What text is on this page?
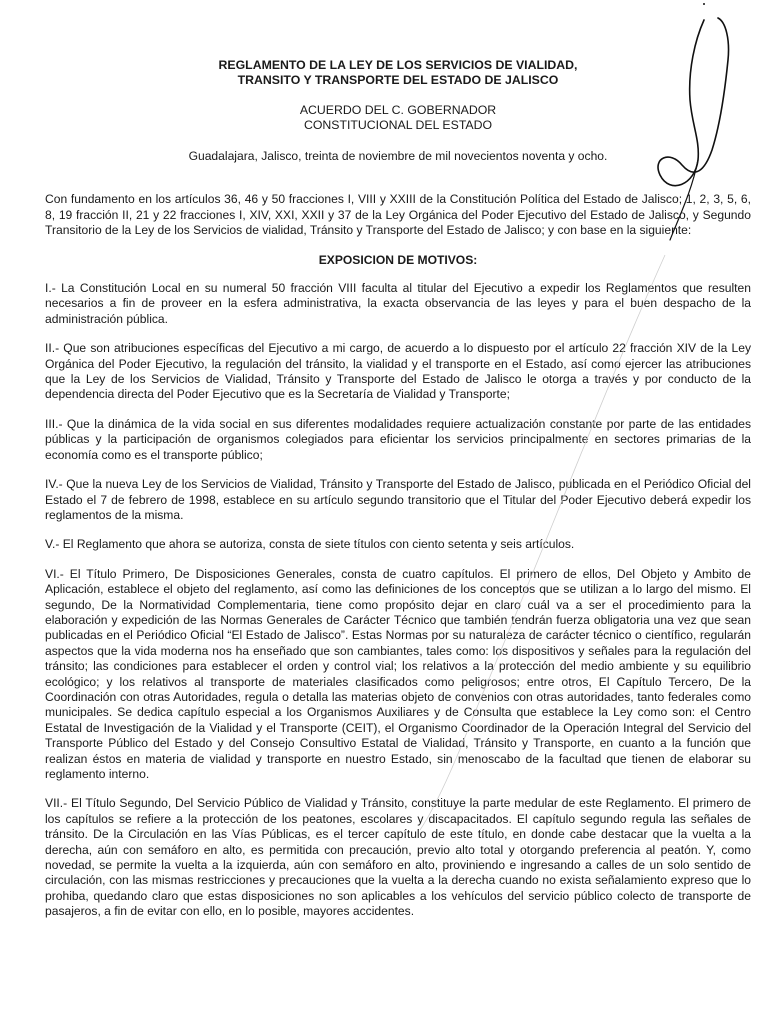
REGLAMENTO DE LA LEY DE LOS SERVICIOS DE VIALIDAD,
TRANSITO Y TRANSPORTE DEL ESTADO DE JALISCO

ACUERDO DEL C. GOBERNADOR
CONSTITUCIONAL DEL ESTADO

Guadalajara, Jalisco, treinta de noviembre de mil novecientos noventa y ocho.

Con fundamento en los artículos 36, 46 y 50 fracciones I, VIII y XXIII de la Constitución Política del Estado de Jalisco; 1, 2, 3, 5, 6, 8, 19 fracción II, 21 y 22 fracciones I, XIV, XXI, XXII y 37 de la Ley Orgánica del Poder Ejecutivo del Estado de Jalisco, y Segundo Transitorio de la Ley de los Servicios de vialidad, Tránsito y Transporte del Estado de Jalisco; y con base en la siguiente:

EXPOSICION DE MOTIVOS:

I.- La Constitución Local en su numeral 50 fracción VIII faculta al titular del Ejecutivo a expedir los Reglamentos que resulten necesarios a fin de proveer en la esfera administrativa, la exacta observancia de las leyes y para el buen despacho de la administración pública.

II.- Que son atribuciones específicas del Ejecutivo a mi cargo, de acuerdo a lo dispuesto por el artículo 22 fracción XIV de la Ley Orgánica del Poder Ejecutivo, la regulación del tránsito, la vialidad y el transporte en el Estado, así como ejercer las atribuciones que la Ley de los Servicios de Vialidad, Tránsito y Transporte del Estado de Jalisco le otorga a través y por conducto de la dependencia directa del Poder Ejecutivo que es la Secretaría de Vialidad y Transporte;

III.- Que la dinámica de la vida social en sus diferentes modalidades requiere actualización constante por parte de las entidades públicas y la participación de organismos colegiados para eficientar los servicios principalmente en sectores primarias de la economía como es el transporte público;

IV.- Que la nueva Ley de los Servicios de Vialidad, Tránsito y Transporte del Estado de Jalisco, publicada en el Periódico Oficial del Estado el 7 de febrero de 1998, establece en su artículo segundo transitorio que el Titular del Poder Ejecutivo deberá expedir los reglamentos de la misma.

V.- El Reglamento que ahora se autoriza, consta de siete títulos con ciento setenta y seis artículos.

VI.- El Título Primero, De Disposiciones Generales, consta de cuatro capítulos. El primero de ellos, Del Objeto y Ambito de Aplicación, establece el objeto del reglamento, así como las definiciones de los conceptos que se utilizan a lo largo del mismo. El segundo, De la Normatividad Complementaria, tiene como propósito dejar en claro cuál va a ser el procedimiento para la elaboración y expedición de las Normas Generales de Carácter Técnico que también tendrán fuerza obligatoria una vez que sean publicadas en el Periódico Oficial “El Estado de Jalisco”. Estas Normas por su naturaleza de carácter técnico o científico, regularán aspectos que la vida moderna nos ha enseñado que son cambiantes, tales como: los dispositivos y señales para la regulación del tránsito; las condiciones para establecer el orden y control vial; los relativos a la protección del medio ambiente y su equilibrio ecológico; y los relativos al transporte de materiales clasificados como peligrosos; entre otros, El Capítulo Tercero, De la Coordinación con otras Autoridades, regula o detalla las materias objeto de convenios con otras autoridades, tanto federales como municipales. Se dedica capítulo especial a los Organismos Auxiliares y de Consulta que establece la Ley como son: el Centro Estatal de Investigación de la Vialidad y el Transporte (CEIT), el Organismo Coordinador de la Operación Integral del Servicio del Transporte Público del Estado y del Consejo Consultivo Estatal de Vialidad, Tránsito y Transporte, en cuanto a la función que realizan éstos en materia de vialidad y transporte en nuestro Estado, sin menoscabo de la facultad que tienen de elaborar su reglamento interno.

VII.- El Título Segundo, Del Servicio Público de Vialidad y Tránsito, constituye la parte medular de este Reglamento. El primero de los capítulos se refiere a la protección de los peatones, escolares y discapacitados. El capítulo segundo regula las señales de tránsito. De la Circulación en las Vías Públicas, es el tercer capítulo de este título, en donde cabe destacar que la vuelta a la derecha, aún con semáforo en alto, es permitida con precaución, previo alto total y otorgando preferencia al peatón. Y, como novedad, se permite la vuelta a la izquierda, aún con semáforo en alto, proviniendo e ingresando a calles de un solo sentido de circulación, con las mismas restricciones y precauciones que la vuelta a la derecha cuando no exista señalamiento expreso que lo prohiba, quedando claro que estas disposiciones no son aplicables a los vehículos del servicio público colecto de transporte de pasajeros, a fin de evitar con ello, en lo posible, mayores accidentes.
